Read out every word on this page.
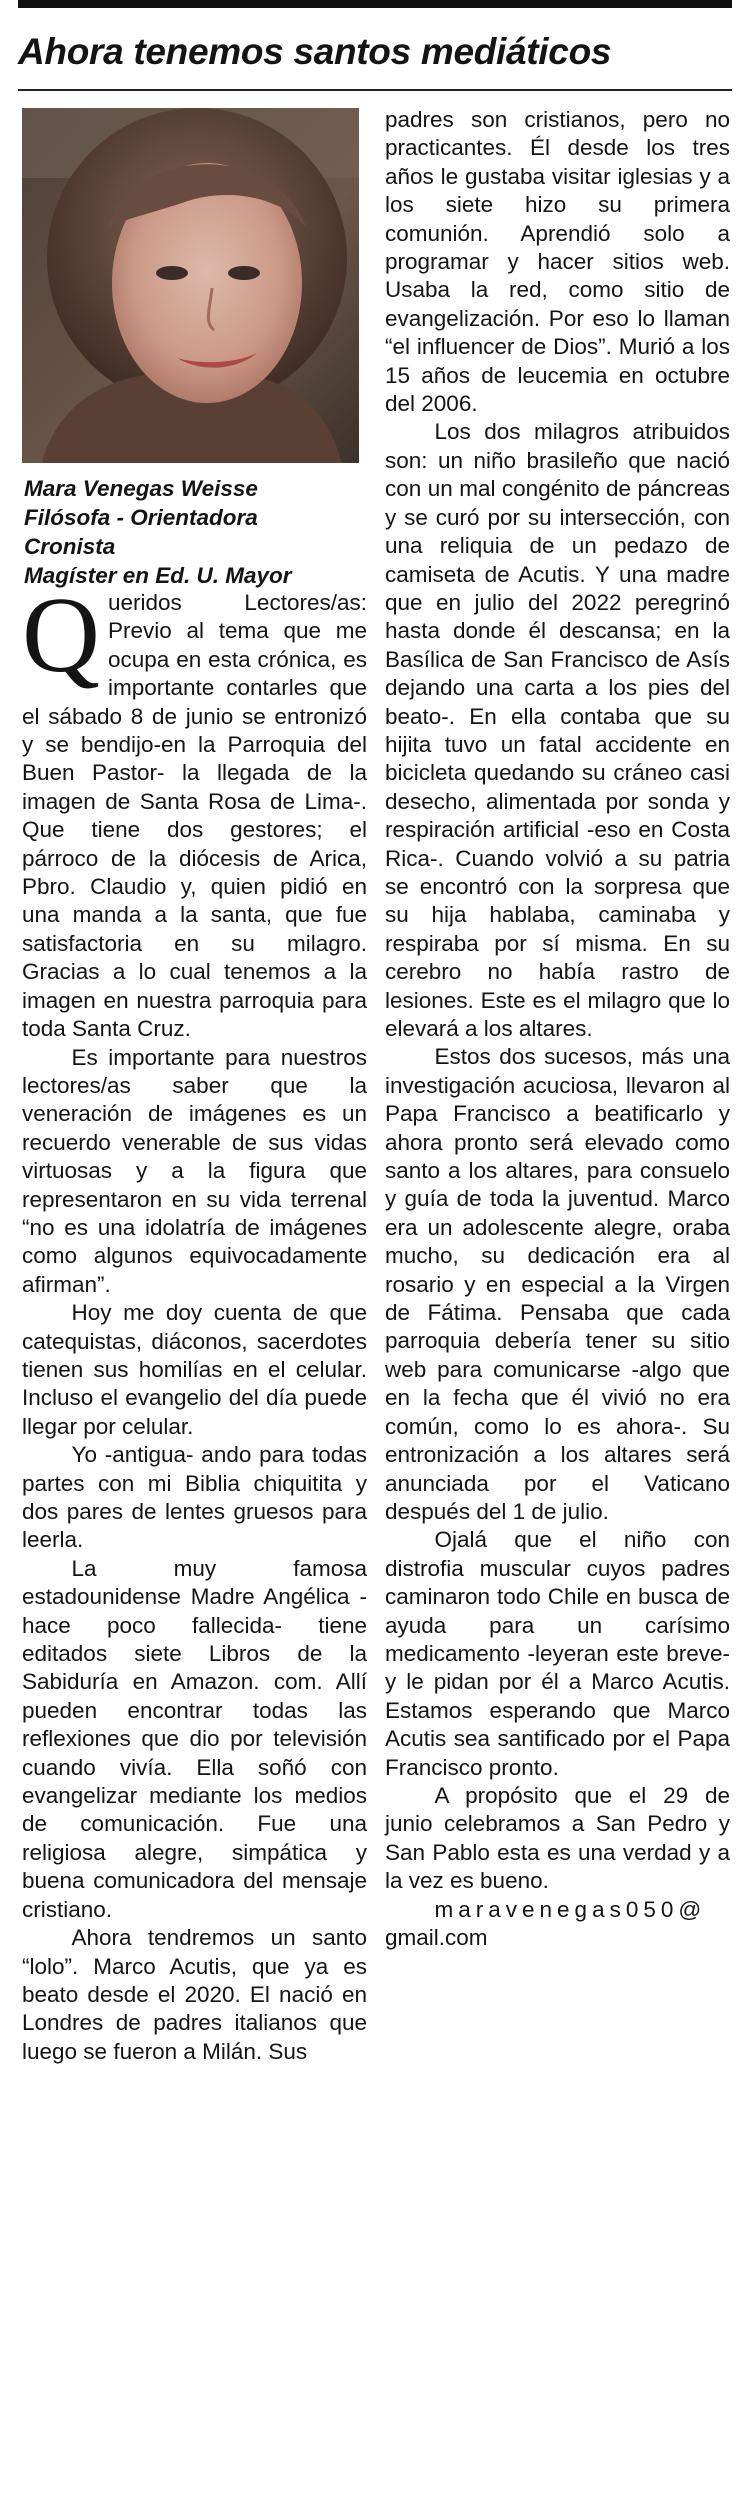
Ahora tenemos santos mediáticos
Mara Venegas Weisse
Filósofa - Orientadora
Cronista
Magíster en Ed. U. Mayor

Queridos Lectores/as: Previo al tema que me ocupa en esta crónica, es importante contarles que el sábado 8 de junio se entronizó y se bendijo-en la Parroquia del Buen Pastor- la llegada de la imagen de Santa Rosa de Lima-. Que tiene dos gestores; el párroco de la diócesis de Arica, Pbro. Claudio y, quien pidió en una manda a la santa, que fue satisfactoria en su milagro. Gracias a lo cual tenemos a la imagen en nuestra parroquia para toda Santa Cruz.

Es importante para nuestros lectores/as saber que la veneración de imágenes es un recuerdo venerable de sus vidas virtuosas y a la figura que representaron en su vida terrenal “no es una idolatría de imágenes como algunos equivocadamente afirman”.

Hoy me doy cuenta de que catequistas, diáconos, sacerdotes tienen sus homilías en el celular. Incluso el evangelio del día puede llegar por celular.

Yo -antigua- ando para todas partes con mi Biblia chiquitita y dos pares de lentes gruesos para leerla.

La muy famosa estadounidense Madre Angélica -hace poco fallecida- tiene editados siete Libros de la Sabiduría en Amazon. com. Allí pueden encontrar todas las reflexiones que dio por televisión cuando vivía. Ella soñó con evangelizar mediante los medios de comunicación. Fue una religiosa alegre, simpática y buena comunicadora del mensaje cristiano.

Ahora tendremos un santo “lolo”. Marco Acutis, que ya es beato desde el 2020. El nació en Londres de padres italianos que luego se fueron a Milán. Sus

padres son cristianos, pero no practicantes. Él desde los tres años le gustaba visitar iglesias y a los siete hizo su primera comunión. Aprendió solo a programar y hacer sitios web. Usaba la red, como sitio de evangelización. Por eso lo llaman “el influencer de Dios”. Murió a los 15 años de leucemia en octubre del 2006.

Los dos milagros atribuidos son: un niño brasileño que nació con un mal congénito de páncreas y se curó por su intersección, con una reliquia de un pedazo de camiseta de Acutis. Y una madre que en julio del 2022 peregrinó hasta donde él descansa; en la Basílica de San Francisco de Asís dejando una carta a los pies del beato-. En ella contaba que su hijita tuvo un fatal accidente en bicicleta quedando su cráneo casi desecho, alimentada por sonda y respiración artificial -eso en Costa Rica-. Cuando volvió a su patria se encontró con la sorpresa que su hija hablaba, caminaba y respiraba por sí misma. En su cerebro no había rastro de lesiones. Este es el milagro que lo elevará a los altares.

Estos dos sucesos, más una investigación acuciosa, llevaron al Papa Francisco a beatificarlo y ahora pronto será elevado como santo a los altares, para consuelo y guía de toda la juventud. Marco era un adolescente alegre, oraba mucho, su dedicación era al rosario y en especial a la Virgen de Fátima. Pensaba que cada parroquia debería tener su sitio web para comunicarse -algo que en la fecha que él vivió no era común, como lo es ahora-. Su entronización a los altares será anunciada por el Vaticano después del 1 de julio.

Ojalá que el niño con distrofia muscular cuyos padres caminaron todo Chile en busca de ayuda para un carísimo medicamento -leyeran este breve- y le pidan por él a Marco Acutis. Estamos esperando que Marco Acutis sea santificado por el Papa Francisco pronto.

A propósito que el 29 de junio celebramos a San Pedro y San Pablo esta es una verdad y a la vez es bueno.

maravenegas050@
gmail.com
